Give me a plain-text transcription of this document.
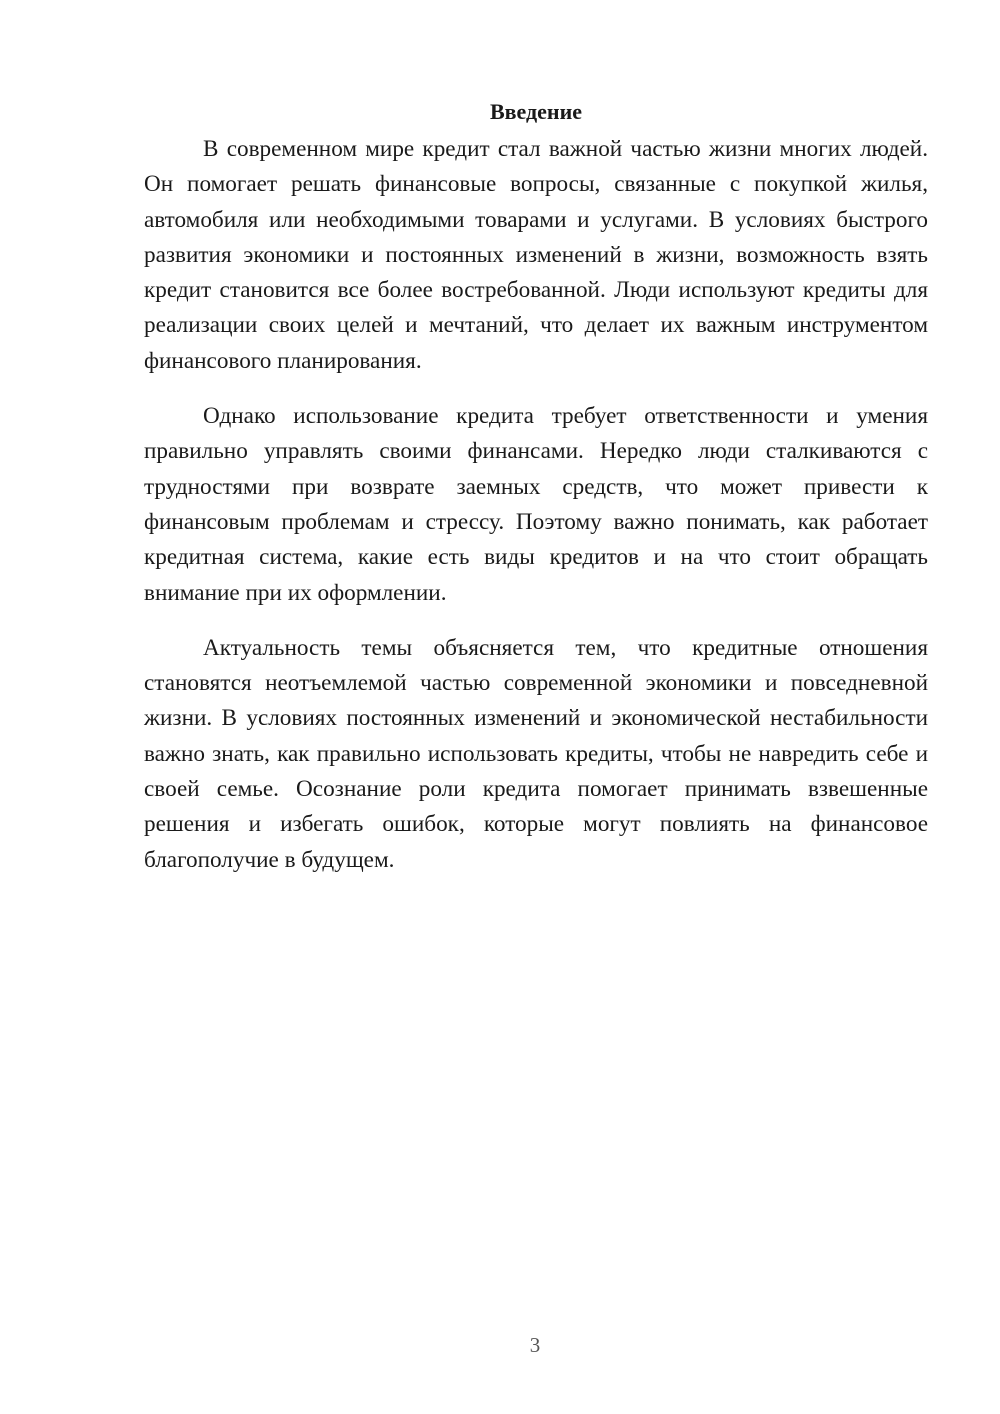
Введение

В современном мире кредит стал важной частью жизни многих людей. Он помогает решать финансовые вопросы, связанные с покупкой жилья, автомобиля или необходимыми товарами и услугами. В условиях быстрого развития экономики и постоянных изменений в жизни, возможность взять кредит становится все более востребованной. Люди используют кредиты для реализации своих целей и мечтаний, что делает их важным инструментом финансового планирования.

Однако использование кредита требует ответственности и умения правильно управлять своими финансами. Нередко люди сталкиваются с трудностями при возврате заемных средств, что может привести к финансовым проблемам и стрессу. Поэтому важно понимать, как работает кредитная система, какие есть виды кредитов и на что стоит обращать внимание при их оформлении.

Актуальность темы объясняется тем, что кредитные отношения становятся неотъемлемой частью современной экономики и повседневной жизни. В условиях постоянных изменений и экономической нестабильности важно знать, как правильно использовать кредиты, чтобы не навредить себе и своей семье. Осознание роли кредита помогает принимать взвешенные решения и избегать ошибок, которые могут повлиять на финансовое благополучие в будущем.

3
